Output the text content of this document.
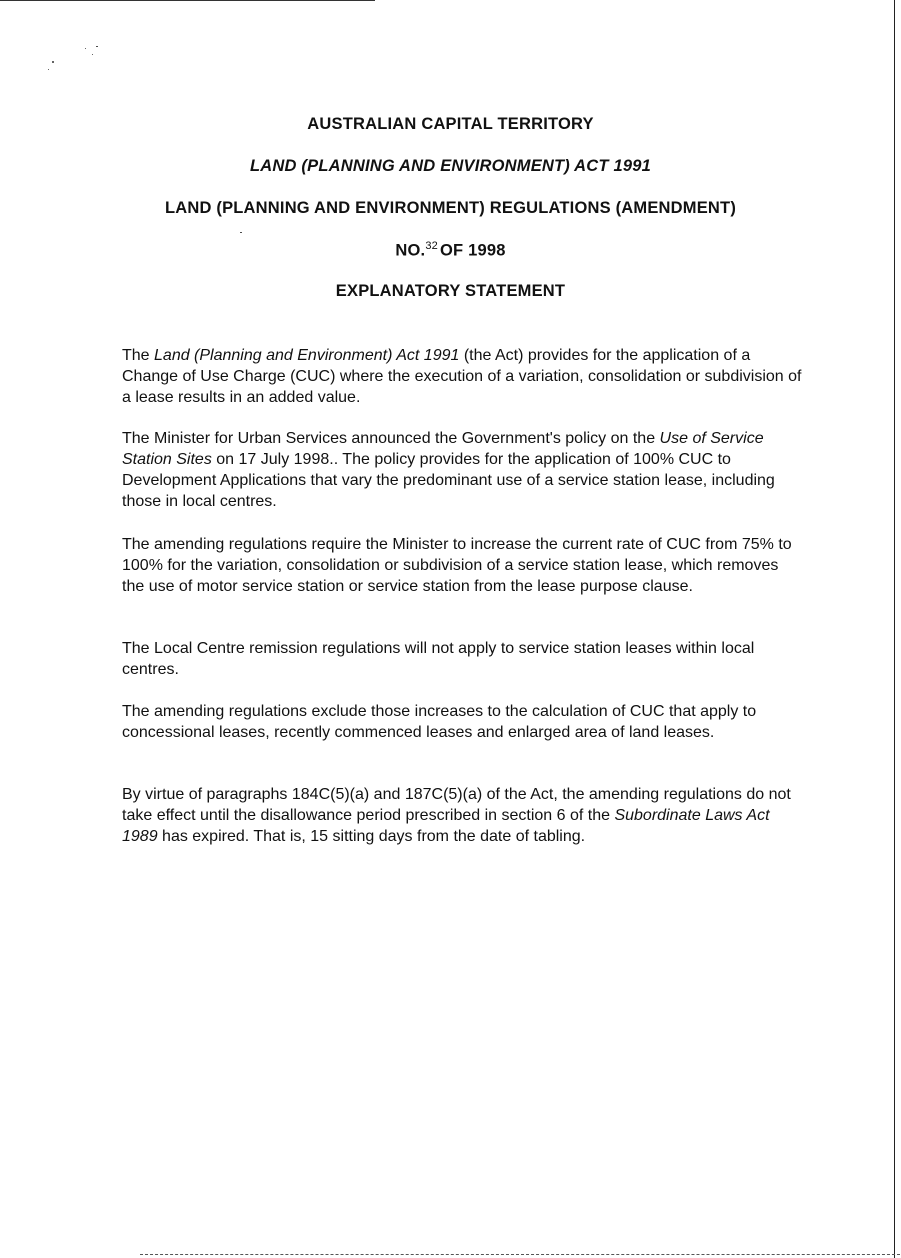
AUSTRALIAN CAPITAL TERRITORY
LAND (PLANNING AND ENVIRONMENT) ACT 1991
LAND (PLANNING AND ENVIRONMENT) REGULATIONS (AMENDMENT)
NO.$^{32}$ OF 1998
EXPLANATORY STATEMENT

The Land (Planning and Environment) Act 1991 (the Act) provides for the application of a Change of Use Charge (CUC) where the execution of a variation, consolidation or subdivision of a lease results in an added value.

The Minister for Urban Services announced the Government's policy on the Use of Service Station Sites on 17 July 1998.. The policy provides for the application of 100% CUC to Development Applications that vary the predominant use of a service station lease, including those in local centres.

The amending regulations require the Minister to increase the current rate of CUC from 75% to 100% for the variation, consolidation or subdivision of a service station lease, which removes the use of motor service station or service station from the lease purpose clause.

The Local Centre remission regulations will not apply to service station leases within local centres.

The amending regulations exclude those increases to the calculation of CUC that apply to concessional leases, recently commenced leases and enlarged area of land leases.

By virtue of paragraphs 184C(5)(a) and 187C(5)(a) of the Act, the amending regulations do not take effect until the disallowance period prescribed in section 6 of the Subordinate Laws Act 1989 has expired. That is, 15 sitting days from the date of tabling.
